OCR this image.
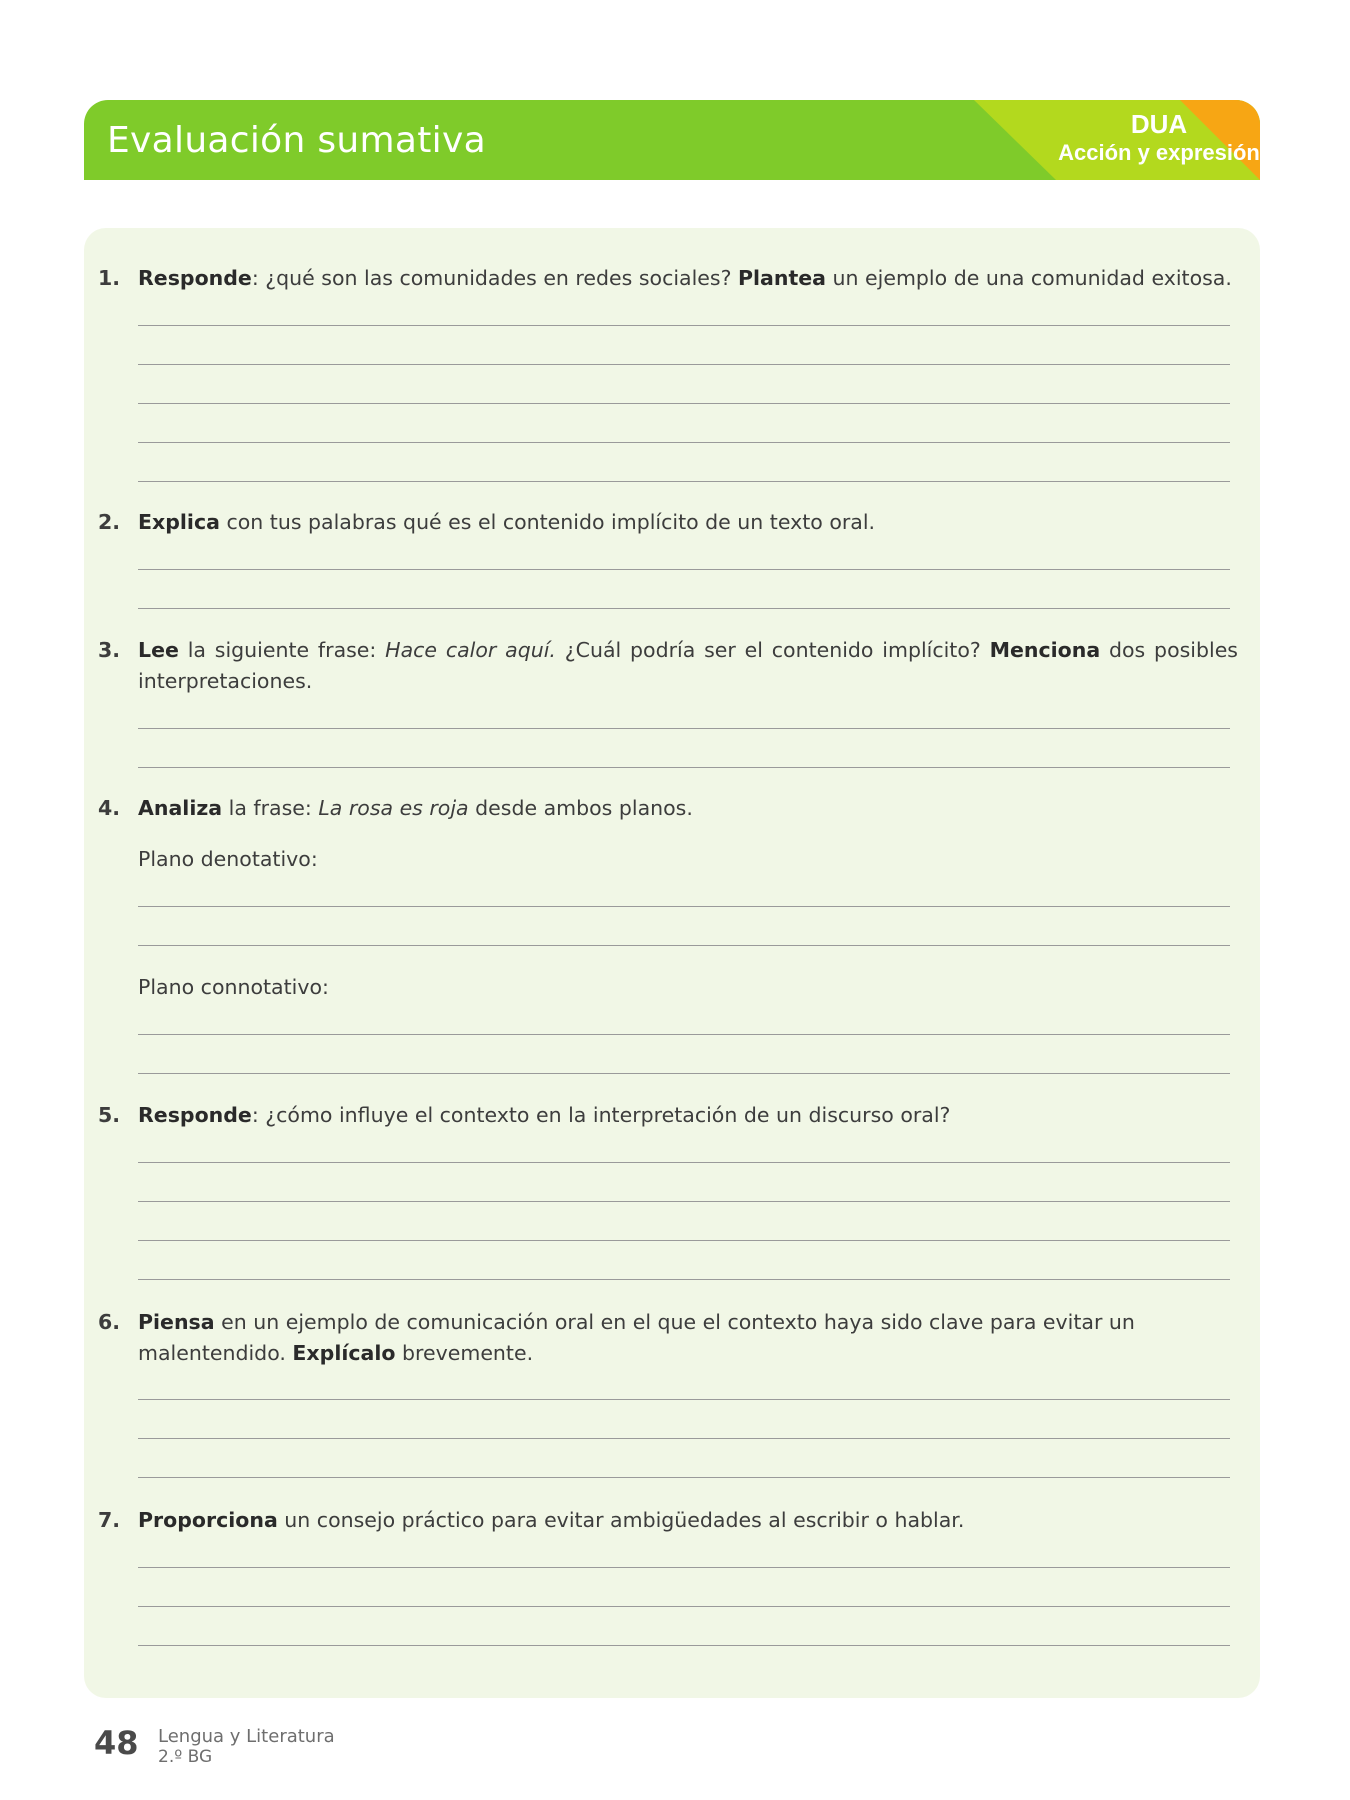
Evaluación sumativa	DUA
Acción y expresión
1. Responde: ¿qué son las comunidades en redes sociales? Plantea un ejemplo de una comunidad exitosa.
2. Explica con tus palabras qué es el contenido implícito de un texto oral.
3. Lee la siguiente frase: Hace calor aquí. ¿Cuál podría ser el contenido implícito? Menciona dos posibles interpretaciones.
4. Analiza la frase: La rosa es roja desde ambos planos.
Plano denotativo:
Plano connotativo:
5. Responde: ¿cómo influye el contexto en la interpretación de un discurso oral?
6. Piensa en un ejemplo de comunicación oral en el que el contexto haya sido clave para evitar un malentendido. Explícalo brevemente.
7. Proporciona un consejo práctico para evitar ambigüedades al escribir o hablar.
48 Lengua y Literatura
2.º BG
